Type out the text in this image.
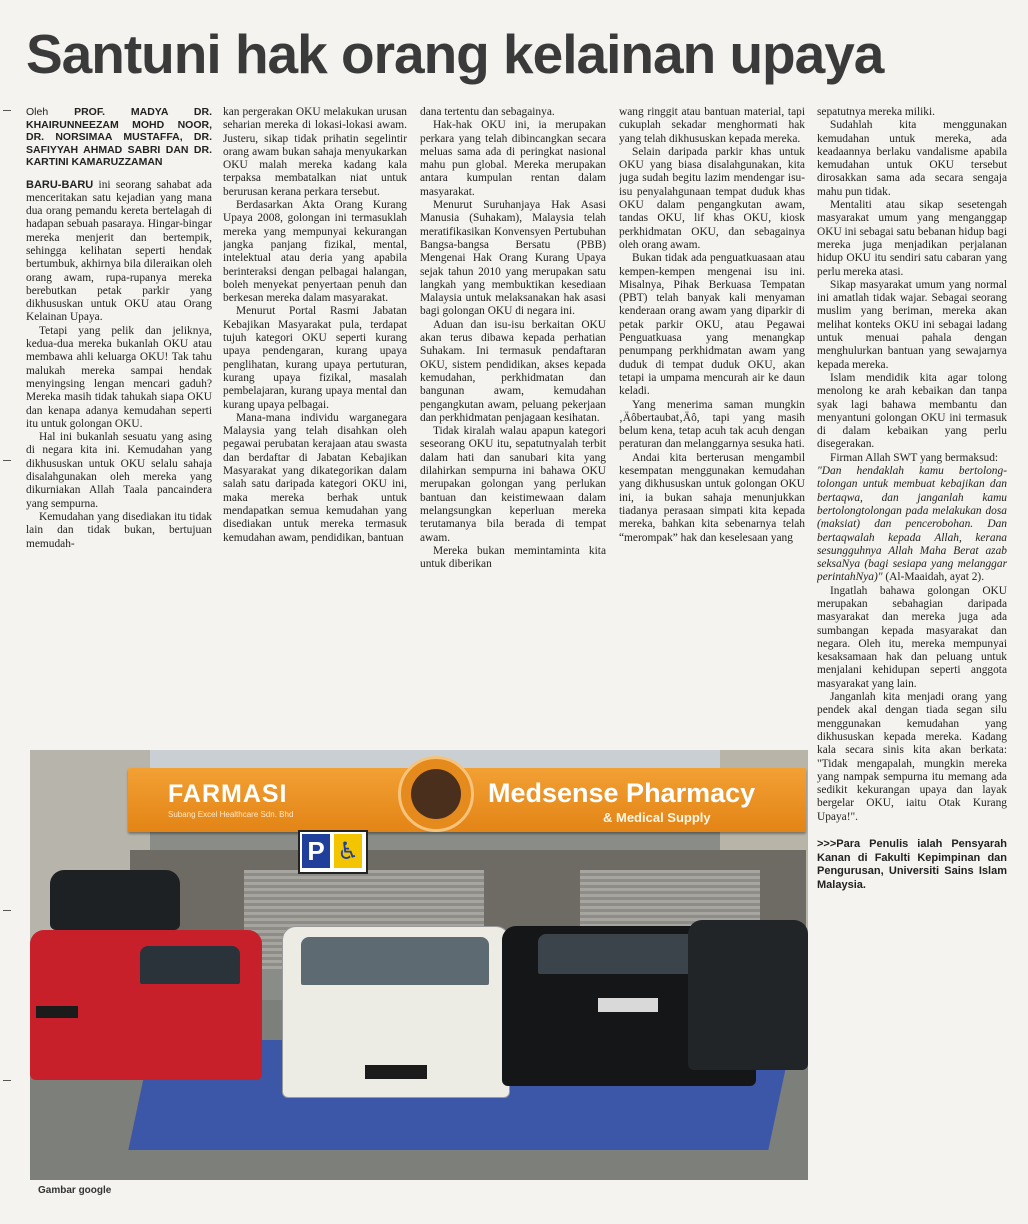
Santuni hak orang kelainan upaya
Oleh PROF. MADYA DR. KHAIRUNNEEZAM MOHD NOOR, DR. NORSIMAA MUSTAFFA, DR. SAFIYYAH AHMAD SABRI DAN DR. KARTINI KAMARUZZAMAN

BARU-BARU ini seorang sahabat ada menceritakan satu kejadian yang mana dua orang pemandu kereta bertelagah di hadapan sebuah pasaraya. Hingar-bingar mereka menjerit dan bertempik, sehingga kelihatan seperti hendak bertumbuk, akhirnya bila dileraikan oleh orang awam, rupa-rupanya mereka berebutkan petak parkir yang dikhususkan untuk OKU atau Orang Kelainan Upaya.

Tetapi yang pelik dan jeliknya, kedua-dua mereka bukanlah OKU atau membawa ahli keluarga OKU! Tak tahu malukah mereka sampai hendak menyingsing lengan mencari gaduh? Mereka masih tidak tahukah siapa OKU dan kenapa adanya kemudahan seperti itu untuk golongan OKU.

Hal ini bukanlah sesuatu yang asing di negara kita ini. Kemudahan yang dikhususkan untuk OKU selalu sahaja disalahgunakan oleh mereka yang dikurniakan Allah Taala pancaindera yang sempurna.

Kemudahan yang disediakan itu tidak lain dan tidak bukan, bertujuan memudah-

kan pergerakan OKU melakukan urusan seharian mereka di lokasi-lokasi awam. Justeru, sikap tidak prihatin segelintir orang awam bukan sahaja menyukarkan OKU malah mereka kadang kala terpaksa membatalkan niat untuk berurusan kerana perkara tersebut.

Berdasarkan Akta Orang Kurang Upaya 2008, golongan ini termasuklah mereka yang mempunyai kekurangan jangka panjang fizikal, mental, intelektual atau deria yang apabila berinteraksi dengan pelbagai halangan, boleh menyekat penyertaan penuh dan berkesan mereka dalam masyarakat.

Menurut Portal Rasmi Jabatan Kebajikan Masyarakat pula, terdapat tujuh kategori OKU seperti kurang upaya pendengaran, kurang upaya penglihatan, kurang upaya pertuturan, kurang upaya fizikal, masalah pembelajaran, kurang upaya mental dan kurang upaya pelbagai.

Mana-mana individu warganegara Malaysia yang telah disahkan oleh pegawai perubatan kerajaan atau swasta dan berdaftar di Jabatan Kebajikan Masyarakat yang dikategorikan dalam salah satu daripada kategori OKU ini, maka mereka berhak untuk mendapatkan semua kemudahan yang disediakan untuk mereka termasuk kemudahan awam, pendidikan, bantuan

dana tertentu dan sebagainya.

Hak-hak OKU ini, ia merupakan perkara yang telah dibincangkan secara meluas sama ada di peringkat nasional mahu pun global. Mereka merupakan antara kumpulan rentan dalam masyarakat.

Menurut Suruhanjaya Hak Asasi Manusia (Suhakam), Malaysia telah meratifikasikan Konvensyen Pertubuhan Bangsa-bangsa Bersatu (PBB) Mengenai Hak Orang Kurang Upaya sejak tahun 2010 yang merupakan satu langkah yang membuktikan kesediaan Malaysia untuk melaksanakan hak asasi bagi golongan OKU di negara ini.

Aduan dan isu-isu berkaitan OKU akan terus dibawa kepada perhatian Suhakam. Ini termasuk pendaftaran OKU, sistem pendidikan, akses kepada kemudahan, perkhidmatan dan bangunan awam, kemudahan pengangkutan awam, peluang pekerjaan dan perkhidmatan penjagaan kesihatan.

Tidak kiralah walau apapun kategori seseorang OKU itu, sepatutnyalah terbit dalam hati dan sanubari kita yang dilahirkan sempurna ini bahawa OKU merupakan golongan yang perlukan bantuan dan keistimewaan dalam melangsungkan keperluan mereka terutamanya bila berada di tempat awam.

Mereka bukan memintaminta kita untuk diberikan

wang ringgit atau bantuan material, tapi cukuplah sekadar menghormati hak yang telah dikhususkan kepada mereka.

Selain daripada parkir khas untuk OKU yang biasa disalahgunakan, kita juga sudah begitu lazim mendengar isu-isu penyalahgunaan tempat duduk khas OKU dalam pengangkutan awam, tandas OKU, lif khas OKU, kiosk perkhidmatan OKU, dan sebagainya oleh orang awam.

Bukan tidak ada penguatkuasaan atau kempen-kempen mengenai isu ini. Misalnya, Pihak Berkuasa Tempatan (PBT) telah banyak kali menyaman kenderaan orang awam yang diparkir di petak parkir OKU, atau Pegawai Penguatkuasa yang menangkap penumpang perkhidmatan awam yang duduk di tempat duduk OKU, akan tetapi ia umpama mencurah air ke daun keladi.

Yang menerima saman mungkin ‚Äôbertaubat‚Äô, tapi yang masih belum kena, tetap acuh tak acuh dengan peraturan dan melanggarnya sesuka hati.

Andai kita berterusan mengambil kesempatan menggunakan kemudahan yang dikhususkan untuk golongan OKU ini, ia bukan sahaja menunjukkan tiadanya perasaan simpati kita kepada mereka, bahkan kita sebenarnya telah “merompak” hak dan keselesaan yang

sepatutnya mereka miliki.

Sudahlah kita menggunakan kemudahan untuk mereka, ada keadaannya berlaku vandalisme apabila kemudahan untuk OKU tersebut dirosakkan sama ada secara sengaja mahu pun tidak.

Mentaliti atau sikap sesetengah masyarakat umum yang menganggap OKU ini sebagai satu bebanan hidup bagi mereka juga menjadikan perjalanan hidup OKU itu sendiri satu cabaran yang perlu mereka atasi.

Sikap masyarakat umum yang normal ini amatlah tidak wajar. Sebagai seorang muslim yang beriman, mereka akan melihat konteks OKU ini sebagai ladang untuk menuai pahala dengan menghulurkan bantuan yang sewajarnya kepada mereka.

Islam mendidik kita agar tolong menolong ke arah kebaikan dan tanpa syak lagi bahawa membantu dan menyantuni golongan OKU ini termasuk di dalam kebaikan yang perlu disegerakan.

Firman Allah SWT yang bermaksud:

"Dan hendaklah kamu bertolong-tolongan untuk membuat kebajikan dan bertaqwa, dan janganlah kamu bertolongtolongan pada melakukan dosa (maksiat) dan pencerobohan. Dan bertaqwalah kepada Allah, kerana sesungguhnya Allah Maha Berat azab seksaNya (bagi sesiapa yang melanggar perintahNya)" (Al-Maaidah, ayat 2).

Ingatlah bahawa golongan OKU merupakan sebahagian daripada masyarakat dan mereka juga ada sumbangan kepada masyarakat dan negara. Oleh itu, mereka mempunyai kesaksamaan hak dan peluang untuk menjalani kehidupan seperti anggota masyarakat yang lain.

Janganlah kita menjadi orang yang pendek akal dengan tiada segan silu menggunakan kemudahan yang dikhususkan kepada mereka. Kadang kala secara sinis kita akan berkata: "Tidak mengapalah, mungkin mereka yang nampak sempurna itu memang ada sedikit kekurangan upaya dan layak bergelar OKU, iaitu Otak Kurang Upaya!".

>>>Para Penulis ialah Pensyarah Kanan di Fakulti Kepimpinan dan Pengurusan, Universiti Sains Islam Malaysia.

FARMASI
Subang Excel Healthcare Sdn. Bhd
Medsense Pharmacy
& Medical Supply
P ♿
Gambar google
